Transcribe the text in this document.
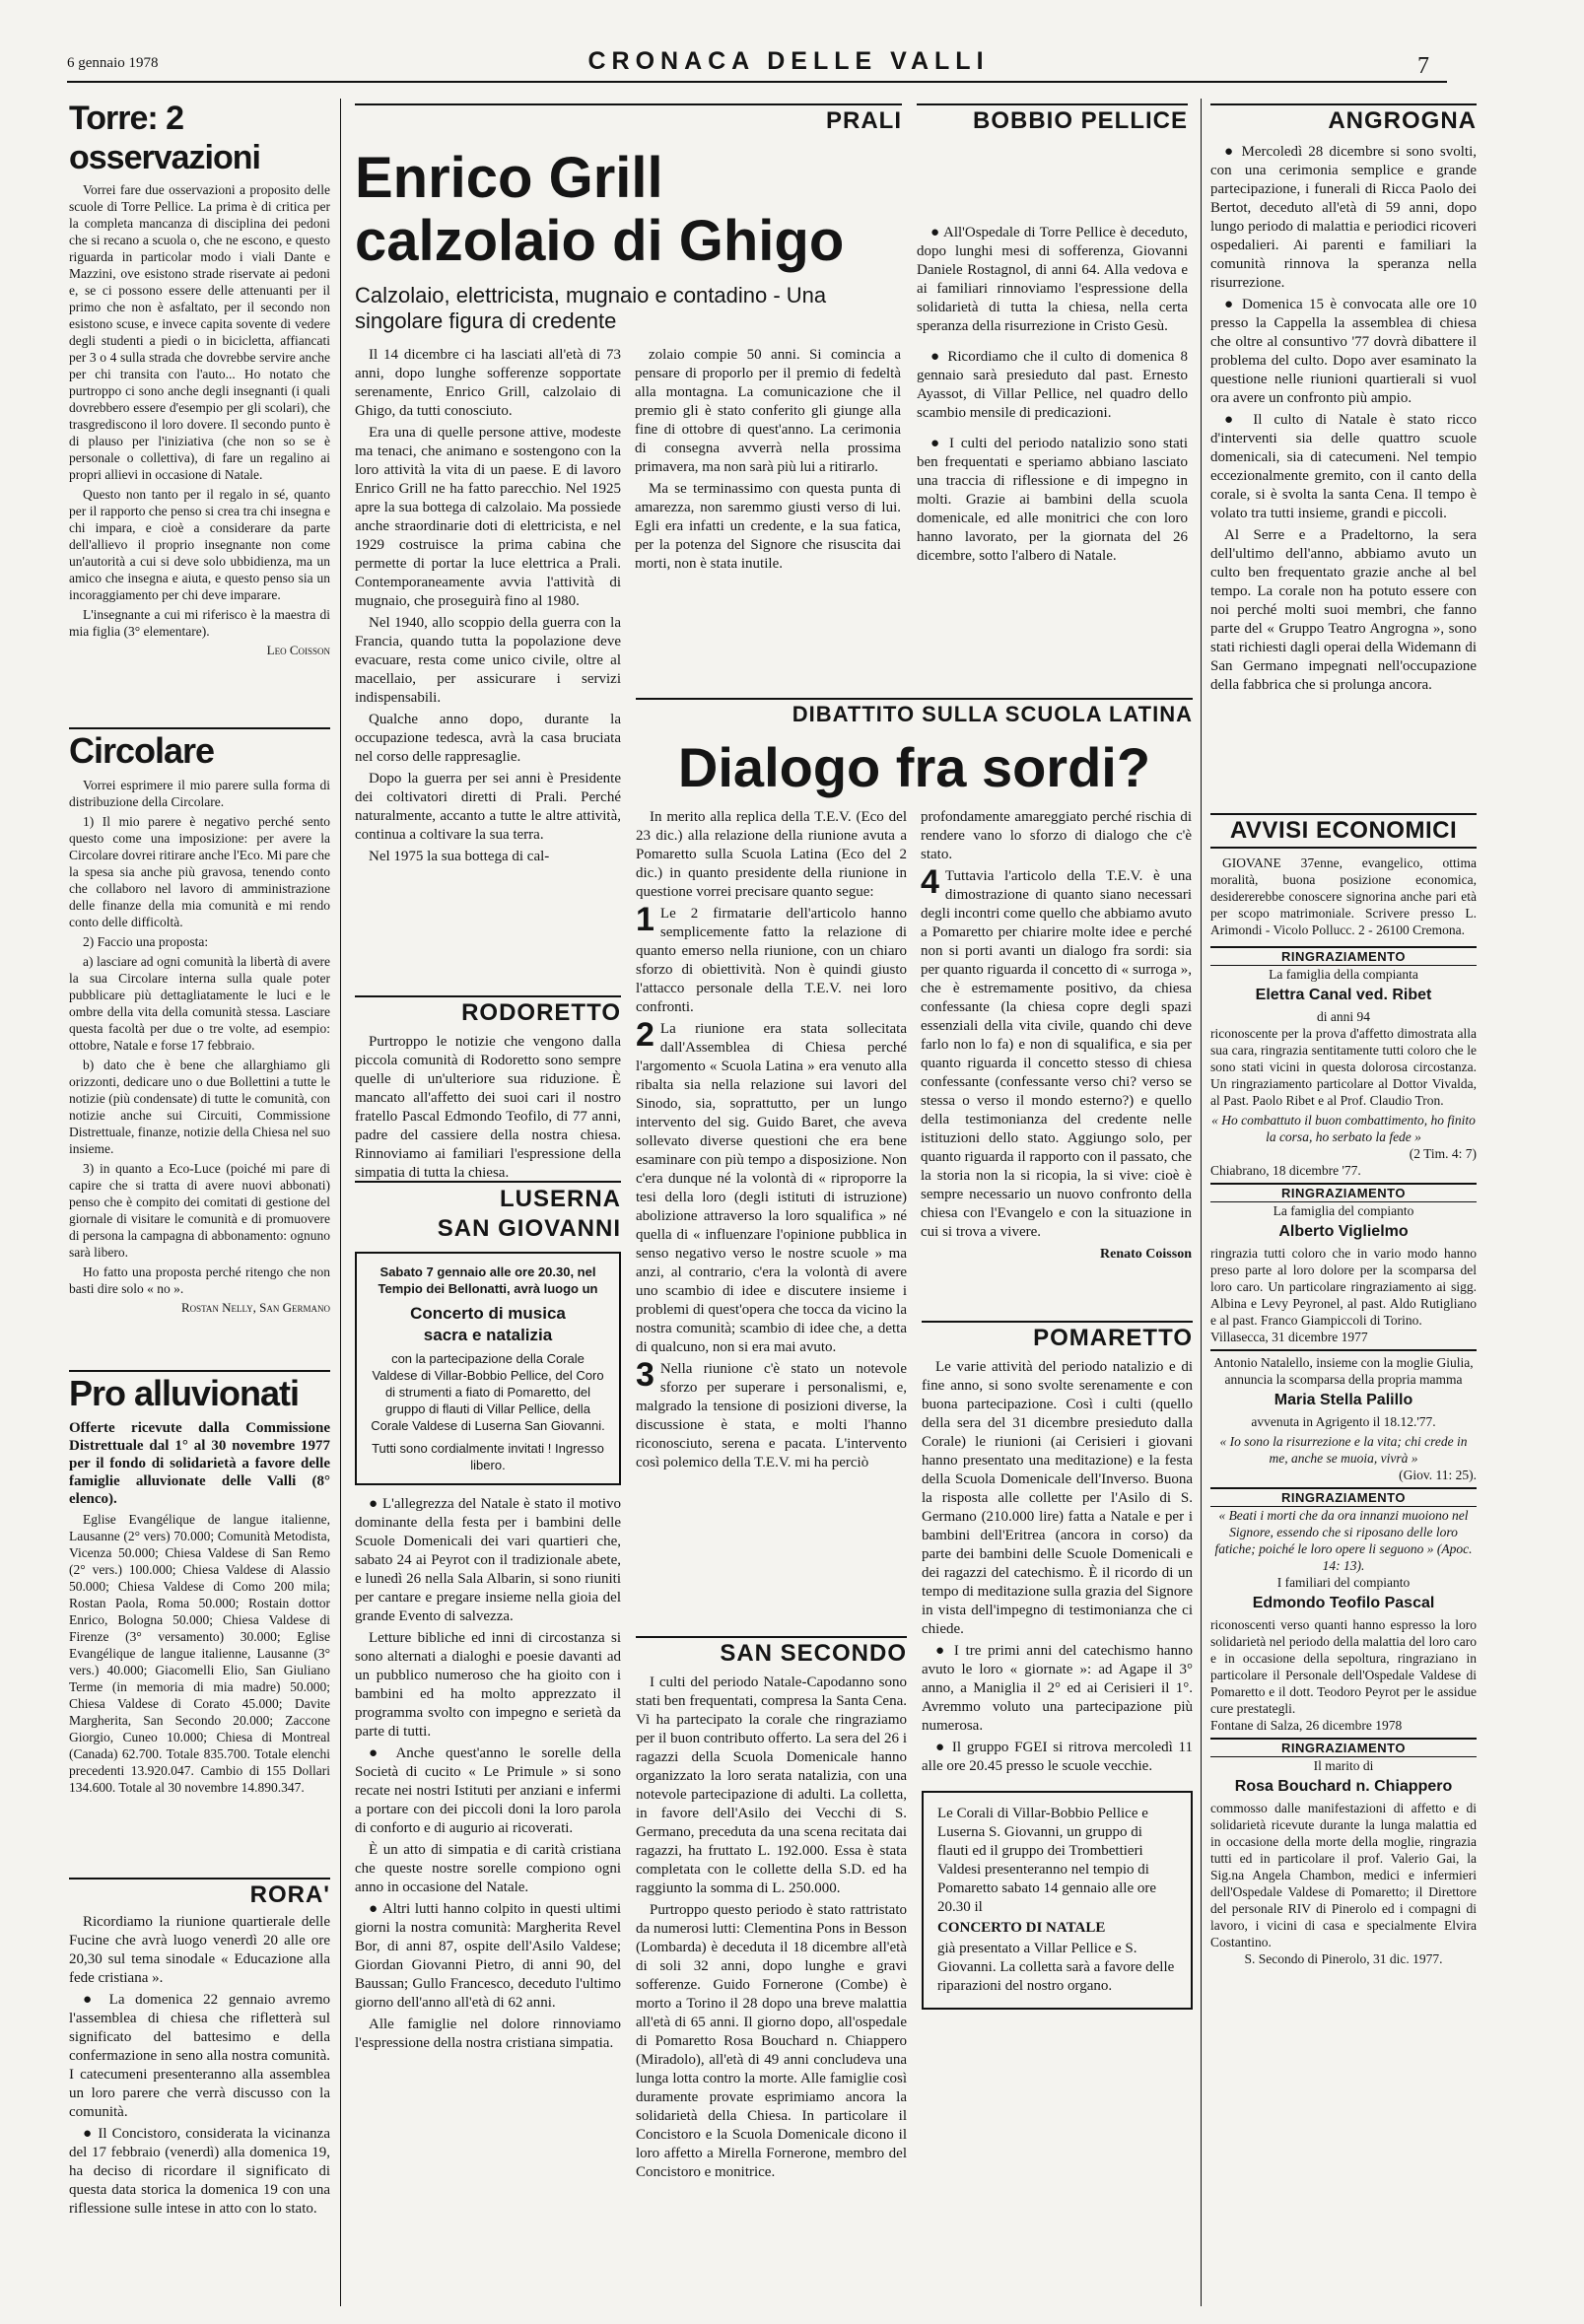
6 gennaio 1978	CRONACA DELLE VALLI	7
Torre: 2 osservazioni

Vorrei fare due osservazioni a proposito delle scuole di Torre Pellice. La prima è di critica per la completa mancanza di disciplina dei pedoni che si recano a scuola o, che ne escono, e questo riguarda in particolar modo i viali Dante e Mazzini, ove esistono strade riservate ai pedoni e, se ci possono essere delle attenuanti per il primo che non è asfaltato, per il secondo non esistono scuse, e invece capita sovente di vedere degli studenti a piedi o in bicicletta, affiancati per 3 o 4 sulla strada che dovrebbe servire anche per chi transita con l'auto... Ho notato che purtroppo ci sono anche degli insegnanti (i quali dovrebbero essere d'esempio per gli scolari), che trasgrediscono il loro dovere. Il secondo punto è di plauso per l'iniziativa (che non so se è personale o collettiva), di fare un regalino ai propri allievi in occasione di Natale.

Questo non tanto per il regalo in sé, quanto per il rapporto che penso si crea tra chi insegna e chi impara, e cioè a considerare da parte dell'allievo il proprio insegnante non come un'autorità a cui si deve solo ubbidienza, ma un amico che insegna e aiuta, e questo penso sia un incoraggiamento per chi deve imparare.

L'insegnante a cui mi riferisco è la maestra di mia figlia (3° elementare).

Leo Coisson
Circolare

Vorrei esprimere il mio parere sulla forma di distribuzione della Circolare.

1) Il mio parere è negativo perché sento questo come una imposizione: per avere la Circolare dovrei ritirare anche l'Eco. Mi pare che la spesa sia anche più gravosa, tenendo conto che collaboro nel lavoro di amministrazione delle finanze della mia comunità e mi rendo conto delle difficoltà.

2) Faccio una proposta:

a) lasciare ad ogni comunità la libertà di avere la sua Circolare interna sulla quale poter pubblicare più dettagliatamente le luci e le ombre della vita della comunità stessa. Lasciare questa facoltà per due o tre volte, ad esempio: ottobre, Natale e forse 17 febbraio.

b) dato che è bene che allarghiamo gli orizzonti, dedicare uno o due Bollettini a tutte le notizie (più condensate) di tutte le comunità, con notizie anche sui Circuiti, Commissione Distrettuale, finanze, notizie della Chiesa nel suo insieme.

3) in quanto a Eco-Luce (poiché mi pare di capire che si tratta di avere nuovi abbonati) penso che è compito dei comitati di gestione del giornale di visitare le comunità e di promuovere di persona la campagna di abbonamento: ognuno sarà libero.

Ho fatto una proposta perché ritengo che non basti dire solo « no ».

Rostan Nelly, San Germano
Pro alluvionati
Offerte ricevute dalla Commissione Distrettuale dal 1° al 30 novembre 1977 per il fondo di solidarietà a favore delle famiglie alluvionate delle Valli (8° elenco).
Eglise Evangélique de langue italienne, Lausanne (2° vers) 70.000; Comunità Metodista, Vicenza 50.000; Chiesa Valdese di San Remo (2° vers.) 100.000; Chiesa Valdese di Alassio 50.000; Chiesa Valdese di Como 200 mila; Rostan Paola, Roma 50.000; Rostain dottor Enrico, Bologna 50.000; Chiesa Valdese di Firenze (3° versamento) 30.000; Eglise Evangélique de langue italienne, Lausanne (3° vers.) 40.000; Giacomelli Elio, San Giuliano Terme (in memoria di mia madre) 50.000; Chiesa Valdese di Corato 45.000; Davite Margherita, San Secondo 20.000; Zaccone Giorgio, Cuneo 10.000; Chiesa di Montreal (Canada) 62.700. Totale 835.700. Totale elenchi precedenti 13.920.047. Cambio di 155 Dollari 134.600. Totale al 30 novembre 14.890.347.
RORA'

Ricordiamo la riunione quartierale delle Fucine che avrà luogo venerdì 20 alle ore 20,30 sul tema sinodale « Educazione alla fede cristiana ».

● La domenica 22 gennaio avremo l'assemblea di chiesa che rifletterà sul significato del battesimo e della confermazione in seno alla nostra comunità. I catecumeni presenteranno alla assemblea un loro parere che verrà discusso con la comunità.

● Il Concistoro, considerata la vicinanza del 17 febbraio (venerdì) alla domenica 19, ha deciso di ricordare il significato di questa data storica la domenica 19 con una riflessione sulle intese in atto con lo stato.

PRALI
Enrico Grill
calzolaio di Ghigo
Calzolaio, elettricista, mugnaio e contadino - Una singolare figura di credente

Il 14 dicembre ci ha lasciati all'età di 73 anni, dopo lunghe sofferenze sopportate serenamente, Enrico Grill, calzolaio di Ghigo, da tutti conosciuto.

Era una di quelle persone attive, modeste ma tenaci, che animano e sostengono con la loro attività la vita di un paese. E di lavoro Enrico Grill ne ha fatto parecchio. Nel 1925 apre la sua bottega di calzolaio. Ma possiede anche straordinarie doti di elettricista, e nel 1929 costruisce la prima cabina che permette di portar la luce elettrica a Prali. Contemporaneamente avvia l'attività di mugnaio, che proseguirà fino al 1980.

Nel 1940, allo scoppio della guerra con la Francia, quando tutta la popolazione deve evacuare, resta come unico civile, oltre al macellaio, per assicurare i servizi indispensabili.

Qualche anno dopo, durante la occupazione tedesca, avrà la casa bruciata nel corso delle rappresaglie.

Dopo la guerra per sei anni è Presidente dei coltivatori diretti di Prali. Perché naturalmente, accanto a tutte le altre attività, continua a coltivare la sua terra.

Nel 1975 la sua bottega di cal-

zolaio compie 50 anni. Si comincia a pensare di proporlo per il premio di fedeltà alla montagna. La comunicazione che il premio gli è stato conferito gli giunge alla fine di ottobre di quest'anno. La cerimonia di consegna avverrà nella prossima primavera, ma non sarà più lui a ritirarlo.

Ma se terminassimo con questa punta di amarezza, non saremmo giusti verso di lui. Egli era infatti un credente, e la sua fatica, per la potenza del Signore che risuscita dai morti, non è stata inutile.

BOBBIO PELLICE

● All'Ospedale di Torre Pellice è deceduto, dopo lunghi mesi di sofferenza, Giovanni Daniele Rostagnol, di anni 64. Alla vedova e ai familiari rinnoviamo l'espressione della solidarietà di tutta la chiesa, nella certa speranza della risurrezione in Cristo Gesù.

● Ricordiamo che il culto di domenica 8 gennaio sarà presieduto dal past. Ernesto Ayassot, di Villar Pellice, nel quadro dello scambio mensile di predicazioni.

● I culti del periodo natalizio sono stati ben frequentati e speriamo abbiano lasciato una traccia di riflessione e di impegno in molti. Grazie ai bambini della scuola domenicale, ed alle monitrici che con loro hanno lavorato, per la giornata del 26 dicembre, sotto l'albero di Natale.

ANGROGNA

● Mercoledì 28 dicembre si sono svolti, con una cerimonia semplice e grande partecipazione, i funerali di Ricca Paolo dei Bertot, deceduto all'età di 59 anni, dopo lungo periodo di malattia e periodici ricoveri ospedalieri. Ai parenti e familiari la comunità rinnova la speranza nella risurrezione.

● Domenica 15 è convocata alle ore 10 presso la Cappella la assemblea di chiesa che oltre al consuntivo '77 dovrà dibattere il problema del culto. Dopo aver esaminato la questione nelle riunioni quartierali si vuol ora avere un confronto più ampio.

● Il culto di Natale è stato ricco d'interventi sia delle quattro scuole domenicali, sia di catecumeni. Nel tempio eccezionalmente gremito, con il canto della corale, si è svolta la santa Cena. Il tempo è volato tra tutti insieme, grandi e piccoli.

Al Serre e a Pradeltorno, la sera dell'ultimo dell'anno, abbiamo avuto un culto ben frequentato grazie anche al bel tempo. La corale non ha potuto essere con noi perché molti suoi membri, che fanno parte del « Gruppo Teatro Angrogna », sono stati richiesti dagli operai della Widemann di San Germano impegnati nell'occupazione della fabbrica che si prolunga ancora.

AVVISI ECONOMICI
GIOVANE 37enne, evangelico, ottima moralità, buona posizione economica, desidererebbe conoscere signorina anche pari età per scopo matrimoniale. Scrivere presso L. Arimondi - Vicolo Pollucc. 2 - 26100 Cremona.
RINGRAZIAMENTO
La famiglia della compianta
Elettra Canal ved. Ribet
di anni 94
riconoscente per la prova d'affetto dimostrata alla sua cara, ringrazia sentitamente tutti coloro che le sono stati vicini in questa dolorosa circostanza. Un ringraziamento particolare al Dottor Vivalda, al Past. Paolo Ribet e al Prof. Claudio Tron.
« Ho combattuto il buon combattimento, ho finito la corsa, ho serbato la fede »
(2 Tim. 4: 7)
Chiabrano, 18 dicembre '77.
RINGRAZIAMENTO
La famiglia del compianto
Alberto Viglielmo
ringrazia tutti coloro che in vario modo hanno preso parte al loro dolore per la scomparsa del loro caro. Un particolare ringraziamento ai sigg. Albina e Levy Peyronel, al past. Aldo Rutigliano e al past. Franco Giampiccoli di Torino.
Villasecca, 31 dicembre 1977
Antonio Natalello, insieme con la moglie Giulia, annuncia la scomparsa della propria mamma
Maria Stella Palillo
avvenuta in Agrigento il 18.12.'77.
« Io sono la risurrezione e la vita; chi crede in me, anche se muoia, vivrà »
(Giov. 11: 25).
RINGRAZIAMENTO
« Beati i morti che da ora innanzi muoiono nel Signore, essendo che si riposano delle loro fatiche; poiché le loro opere li seguono » (Apoc. 14: 13).
I familiari del compianto
Edmondo Teofilo Pascal
riconoscenti verso quanti hanno espresso la loro solidarietà nel periodo della malattia del loro caro e in occasione della sepoltura, ringraziano in particolare il Personale dell'Ospedale Valdese di Pomaretto e il dott. Teodoro Peyrot per le assidue cure prestategli.
Fontane di Salza, 26 dicembre 1978
RINGRAZIAMENTO
Il marito di
Rosa Bouchard n. Chiappero
commosso dalle manifestazioni di affetto e di solidarietà ricevute durante la lunga malattia ed in occasione della morte della moglie, ringrazia tutti ed in particolare il prof. Valerio Gai, la Sig.na Angela Chambon, medici e infermieri dell'Ospedale Valdese di Pomaretto; il Direttore del personale RIV di Pinerolo ed i compagni di lavoro, i vicini di casa e specialmente Elvira Costantino.
S. Secondo di Pinerolo, 31 dic. 1977.
RODORETTO
Purtroppo le notizie che vengono dalla piccola comunità di Rodoretto sono sempre quelle di un'ulteriore sua riduzione. È mancato all'affetto dei suoi cari il nostro fratello Pascal Edmondo Teofilo, di 77 anni, padre del cassiere della nostra chiesa. Rinnoviamo ai familiari l'espressione della simpatia di tutta la chiesa.
LUSERNA
SAN GIOVANNI
Sabato 7 gennaio alle ore 20.30, nel Tempio dei Bellonatti, avrà luogo un
Concerto di musica
sacra e natalizia
con la partecipazione della Corale Valdese di Villar-Bobbio Pellice, del Coro di strumenti a fiato di Pomaretto, del gruppo di flauti di Villar Pellice, della Corale Valdese di Luserna San Giovanni.
Tutti sono cordialmente invitati ! Ingresso libero.

● L'allegrezza del Natale è stato il motivo dominante della festa per i bambini delle Scuole Domenicali dei vari quartieri che, sabato 24 ai Peyrot con il tradizionale abete, e lunedì 26 nella Sala Albarin, si sono riuniti per cantare e pregare insieme nella gioia del grande Evento di salvezza.

Letture bibliche ed inni di circostanza si sono alternati a dialoghi e poesie davanti ad un pubblico numeroso che ha gioito con i bambini ed ha molto apprezzato il programma svolto con impegno e serietà da parte di tutti.

● Anche quest'anno le sorelle della Società di cucito « Le Primule » si sono recate nei nostri Istituti per anziani e infermi a portare con dei piccoli doni la loro parola di conforto e di augurio ai ricoverati.

È un atto di simpatia e di carità cristiana che queste nostre sorelle compiono ogni anno in occasione del Natale.

● Altri lutti hanno colpito in questi ultimi giorni la nostra comunità: Margherita Revel Bor, di anni 87, ospite dell'Asilo Valdese; Giordan Giovanni Pietro, di anni 90, del Baussan; Gullo Francesco, deceduto l'ultimo giorno dell'anno all'età di 62 anni.

Alle famiglie nel dolore rinnoviamo l'espressione della nostra cristiana simpatia.

DIBATTITO SULLA SCUOLA LATINA
Dialogo fra sordi?

In merito alla replica della T.E.V. (Eco del 23 dic.) alla relazione della riunione avuta a Pomaretto sulla Scuola Latina (Eco del 2 dic.) in quanto presidente della riunione in questione vorrei precisare quanto segue:

1 Le 2 firmatarie dell'articolo hanno semplicemente fatto la relazione di quanto emerso nella riunione, con un chiaro sforzo di obiettività. Non è quindi giusto l'attacco personale della T.E.V. nei loro confronti.

2 La riunione era stata sollecitata dall'Assemblea di Chiesa perché l'argomento « Scuola Latina » era venuto alla ribalta sia nella relazione sui lavori del Sinodo, sia, soprattutto, per un lungo intervento del sig. Guido Baret, che aveva sollevato diverse questioni che era bene esaminare con più tempo a disposizione. Non c'era dunque né la volontà di « riproporre la tesi della loro (degli istituti di istruzione) abolizione attraverso la loro squalifica » né quella di « influenzare l'opinione pubblica in senso negativo verso le nostre scuole » ma anzi, al contrario, c'era la volontà di avere uno scambio di idee e discutere insieme i problemi di quest'opera che tocca da vicino la nostra comunità; scambio di idee che, a detta di qualcuno, non si era mai avuto.

3 Nella riunione c'è stato un notevole sforzo per superare i personalismi, e, malgrado la tensione di posizioni diverse, la discussione è stata, e molti l'hanno riconosciuto, serena e pacata. L'intervento così polemico della T.E.V. mi ha perciò

profondamente amareggiato perché rischia di rendere vano lo sforzo di dialogo che c'è stato.

4 Tuttavia l'articolo della T.E.V. è una dimostrazione di quanto siano necessari degli incontri come quello che abbiamo avuto a Pomaretto per chiarire molte idee e perché non si porti avanti un dialogo fra sordi: sia per quanto riguarda il concetto di « surroga », che è estremamente positivo, da chiesa confessante (la chiesa copre degli spazi essenziali della vita civile, quando chi deve farlo non lo fa) e non di squalifica, e sia per quanto riguarda il concetto stesso di chiesa confessante (confessante verso chi? verso se stessa o verso il mondo esterno?) e quello della testimonianza del credente nelle istituzioni dello stato. Aggiungo solo, per quanto riguarda il rapporto con il passato, che la storia non la si ricopia, la si vive: cioè è sempre necessario un nuovo confronto della chiesa con l'Evangelo e con la situazione in cui si trova a vivere.

Renato Coisson
SAN SECONDO

I culti del periodo Natale-Capodanno sono stati ben frequentati, compresa la Santa Cena. Vi ha partecipato la corale che ringraziamo per il buon contributo offerto. La sera del 26 i ragazzi della Scuola Domenicale hanno organizzato la loro serata natalizia, con una notevole partecipazione di adulti. La colletta, in favore dell'Asilo dei Vecchi di S. Germano, preceduta da una scena recitata dai ragazzi, ha fruttato L. 192.000. Essa è stata completata con le collette della S.D. ed ha raggiunto la somma di L. 250.000.

Purtroppo questo periodo è stato rattristato da numerosi lutti: Clementina Pons in Besson (Lombarda) è deceduta il 18 dicembre all'età di soli 32 anni, dopo lunghe e gravi sofferenze. Guido Fornerone (Combe) è morto a Torino il 28 dopo una breve malattia all'età di 65 anni. Il giorno dopo, all'ospedale di Pomaretto Rosa Bouchard n. Chiappero (Miradolo), all'età di 49 anni concludeva una lunga lotta contro la morte. Alle famiglie così duramente provate esprimiamo ancora la solidarietà della Chiesa. In particolare il Concistoro e la Scuola Domenicale dicono il loro affetto a Mirella Fornerone, membro del Concistoro e monitrice.

POMARETTO

Le varie attività del periodo natalizio e di fine anno, si sono svolte serenamente e con buona partecipazione. Così i culti (quello della sera del 31 dicembre presieduto dalla Corale) le riunioni (ai Cerisieri i giovani hanno presentato una meditazione) e la festa della Scuola Domenicale dell'Inverso. Buona la risposta alle collette per l'Asilo di S. Germano (210.000 lire) fatta a Natale e per i bambini dell'Eritrea (ancora in corso) da parte dei bambini delle Scuole Domenicali e dei ragazzi del catechismo. È il ricordo di un tempo di meditazione sulla grazia del Signore in vista dell'impegno di testimonianza che ci chiede.

● I tre primi anni del catechismo hanno avuto le loro « giornate »: ad Agape il 3° anno, a Maniglia il 2° ed ai Cerisieri il 1°. Avremmo voluto una partecipazione più numerosa.

● Il gruppo FGEI si ritrova mercoledì 11 alle ore 20.45 presso le scuole vecchie.

Le Corali di Villar-Bobbio Pellice e Luserna S. Giovanni, un gruppo di flauti ed il gruppo dei Trombettieri Valdesi presenteranno nel tempio di Pomaretto sabato 14 gennaio alle ore 20.30 il
CONCERTO DI NATALE
già presentato a Villar Pellice e S. Giovanni. La colletta sarà a favore delle riparazioni del nostro organo.
